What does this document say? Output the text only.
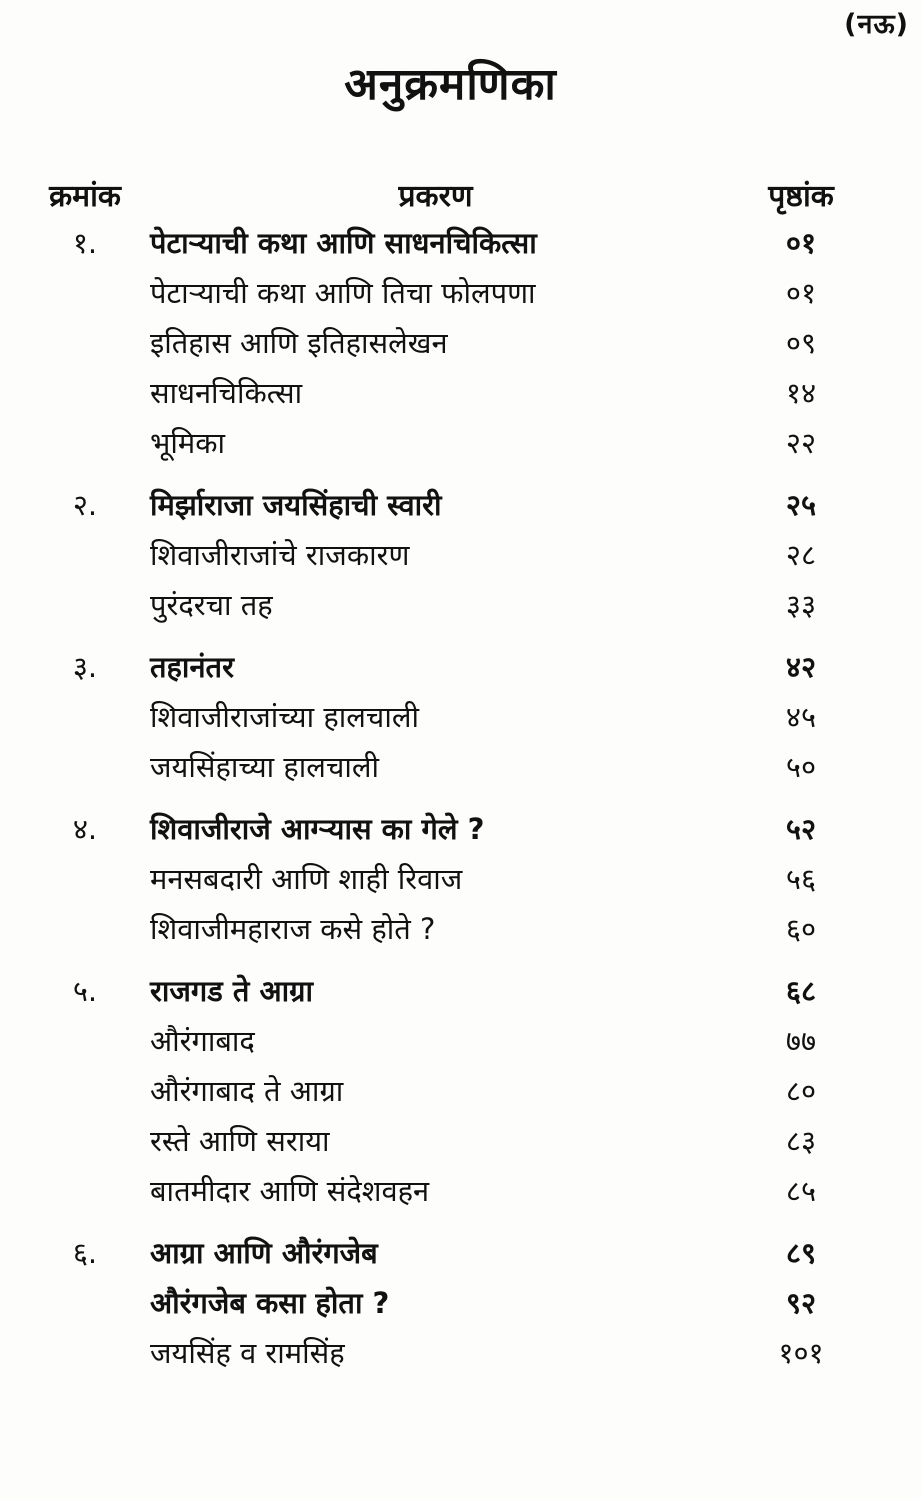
(नऊ)
अनुक्रमणिका
क्रमांक	प्रकरण	पृष्ठांक
१.	पेटाऱ्याची कथा आणि साधनचिकित्सा	०१
पेटाऱ्याची कथा आणि तिचा फोलपणा	०१
इतिहास आणि इतिहासलेखन	०९
साधनचिकित्सा	१४
भूमिका	२२
२.	मिर्झाराजा जयसिंहाची स्वारी	२५
शिवाजीराजांचे राजकारण	२८
पुरंदरचा तह	३३
३.	तहानंतर	४२
शिवाजीराजांच्या हालचाली	४५
जयसिंहाच्या हालचाली	५०
४.	शिवाजीराजे आग्ऱ्यास का गेले ?	५२
मनसबदारी आणि शाही रिवाज	५६
शिवाजीमहाराज कसे होते ?	६०
५.	राजगड ते आग्रा	६८
औरंगाबाद	७७
औरंगाबाद ते आग्रा	८०
रस्ते आणि सराया	८३
बातमीदार आणि संदेशवहन	८५
६.	आग्रा आणि औरंगजेब	८९
औरंगजेब कसा होता ?	९२
जयसिंह व रामसिंह	१०१
